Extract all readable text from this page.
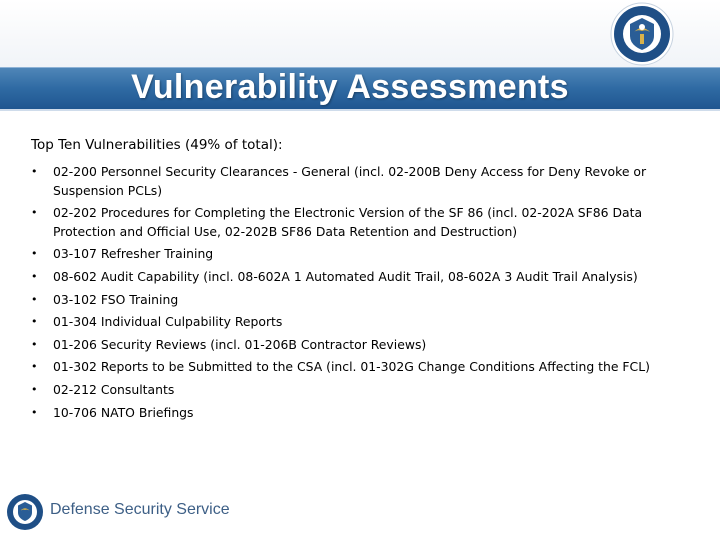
Vulnerability Assessments
Top Ten Vulnerabilities (49% of total):
• 02-200 Personnel Security Clearances - General (incl. 02-200B Deny Access for Deny Revoke or Suspension PCLs)
• 02-202 Procedures for Completing the Electronic Version of the SF 86 (incl. 02-202A SF86 Data Protection and Official Use, 02-202B SF86 Data Retention and Destruction)
• 03-107 Refresher Training
• 08-602 Audit Capability (incl. 08-602A 1 Automated Audit Trail, 08-602A 3 Audit Trail Analysis)
• 03-102 FSO Training
• 01-304 Individual Culpability Reports
• 01-206 Security Reviews (incl. 01-206B Contractor Reviews)
• 01-302 Reports to be Submitted to the CSA (incl. 01-302G Change Conditions Affecting the FCL)
• 02-212 Consultants
• 10-706 NATO Briefings
Defense Security Service
